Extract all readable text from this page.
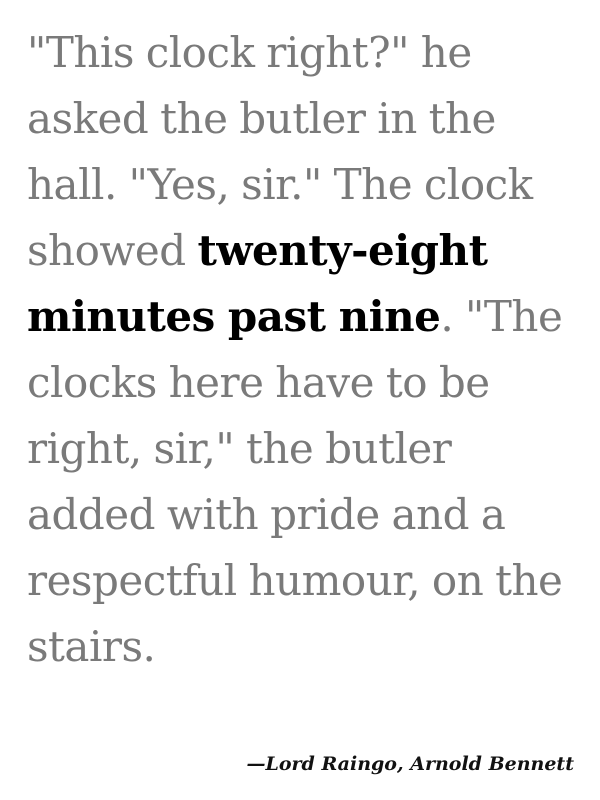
"This clock right?" he asked the butler in the hall. "Yes, sir." The clock showed twenty-eight minutes past nine. "The clocks here have to be right, sir," the butler added with pride and a respectful humour, on the stairs.

—Lord Raingo, Arnold Bennett
